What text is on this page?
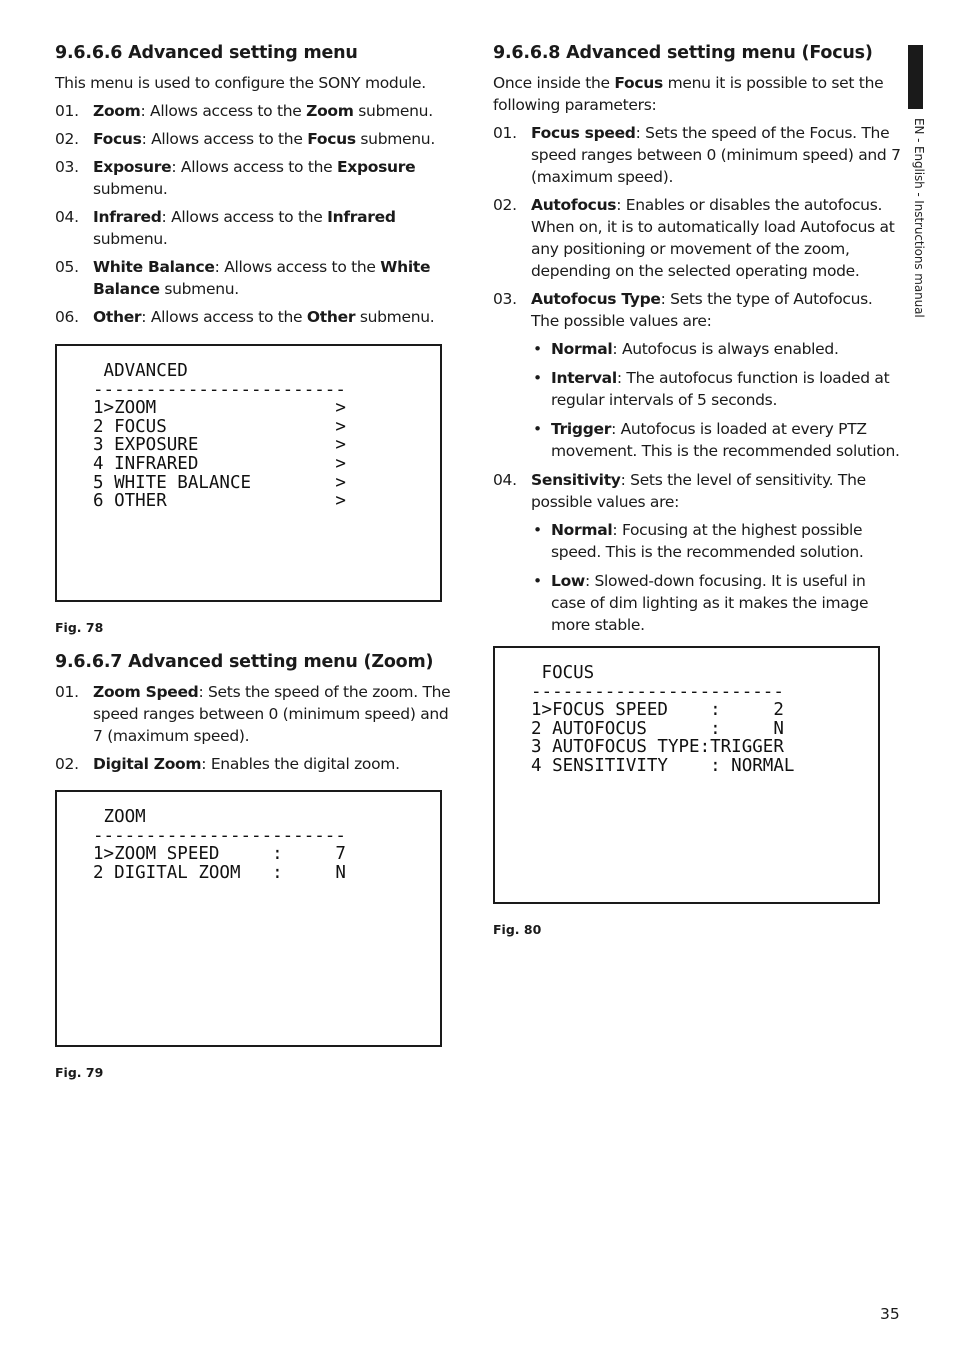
9.6.6.6 Advanced setting menu

This menu is used to configure the SONY module.

01. Zoom: Allows access to the Zoom submenu.
02. Focus: Allows access to the Focus submenu.
03. Exposure: Allows access to the Exposure submenu.
04. Infrared: Allows access to the Infrared submenu.
05. White Balance: Allows access to the White Balance submenu.
06. Other: Allows access to the Other submenu.
ADVANCED
------------------------
1>ZOOM                 >
2 FOCUS                >
3 EXPOSURE             >
4 INFRARED             >
5 WHITE BALANCE        >
6 OTHER                >
Fig. 78
9.6.6.7 Advanced setting menu (Zoom)
01. Zoom Speed: Sets the speed of the zoom. The speed ranges between 0 (minimum speed) and 7 (maximum speed).
02. Digital Zoom: Enables the digital zoom.
ZOOM
------------------------
1>ZOOM SPEED     :     7
2 DIGITAL ZOOM   :     N
Fig. 79
9.6.6.8 Advanced setting menu (Focus)

Once inside the Focus menu it is possible to set the following parameters:

01. Focus speed: Sets the speed of the Focus. The speed ranges between 0 (minimum speed) and 7 (maximum speed).
02. Autofocus: Enables or disables the autofocus. When on, it is to automatically load Autofocus at any positioning or movement of the zoom, depending on the selected operating mode.
03. Autofocus Type: Sets the type of Autofocus. The possible values are:
• Normal: Autofocus is always enabled.
• Interval: The autofocus function is loaded at regular intervals of 5 seconds.
• Trigger: Autofocus is loaded at every PTZ movement. This is the recommended solution.
04. Sensitivity: Sets the level of sensitivity. The possible values are:
• Normal: Focusing at the highest possible speed. This is the recommended solution.
• Low: Slowed-down focusing. It is useful in case of dim lighting as it makes the image more stable.
FOCUS
------------------------
1>FOCUS SPEED    :     2
2 AUTOFOCUS      :     N
3 AUTOFOCUS TYPE:TRIGGER
4 SENSITIVITY    : NORMAL
Fig. 80
EN - English - Instructions manual
35
